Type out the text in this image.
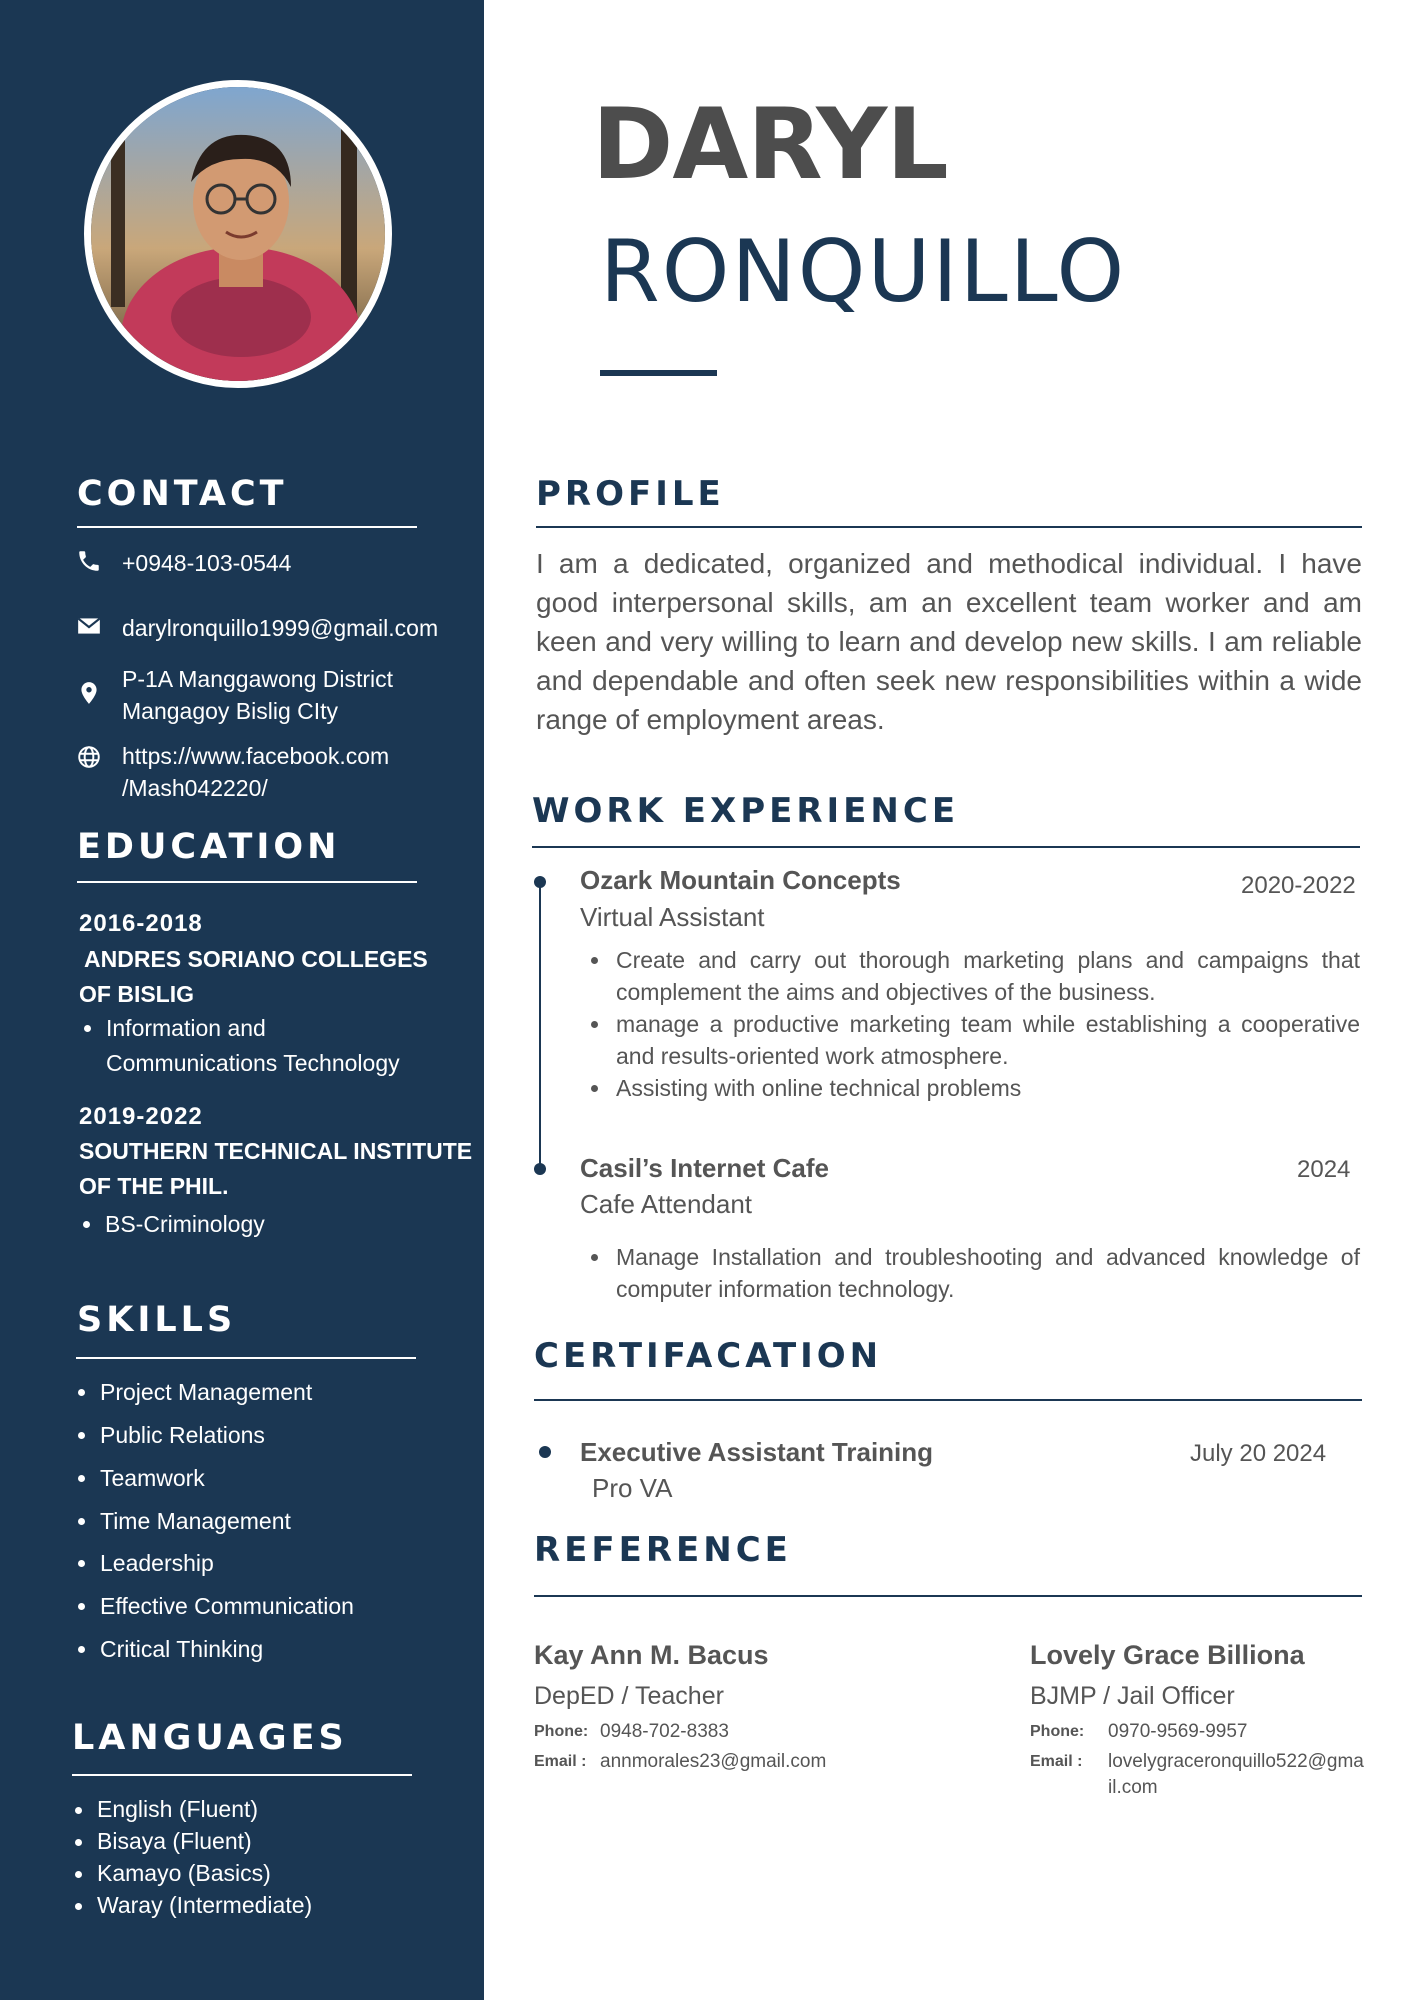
CONTACT
+0948-103-0544
darylronquillo1999@gmail.com
P-1A Manggawong District
Mangagoy Bislig CIty
https://www.facebook.com
/Mash042220/
EDUCATION
2016-2018
ANDRES SORIANO COLLEGES
OF BISLIG
Information and
Communications Technology
2019-2022
SOUTHERN TECHNICAL INSTITUTE
OF THE PHIL.
BS-Criminology
SKILLS
Project Management
Public Relations
Teamwork
Time Management
Leadership
Effective Communication
Critical Thinking
LANGUAGES
English (Fluent)
Bisaya (Fluent)
Kamayo (Basics)
Waray (Intermediate)
DARYL
RONQUILLO
PROFILE
I am a dedicated, organized and methodical individual. I have good interpersonal skills, am an excellent team worker and am keen and very willing to learn and develop new skills. I am reliable and dependable and often seek new responsibilities within a wide range of employment areas.
WORK EXPERIENCE
Ozark Mountain Concepts	2020-2022
Virtual Assistant
Create and carry out thorough marketing plans and campaigns that complement the aims and objectives of the business.
manage a productive marketing team while establishing a cooperative and results-oriented work atmosphere.
Assisting with online technical problems
Casil’s Internet Cafe	2024
Cafe Attendant
Manage Installation and troubleshooting and advanced knowledge of computer information technology.
CERTIFACATION
Executive Assistant Training	July 20 2024
Pro VA
REFERENCE
Kay Ann M. Bacus
DepED / Teacher
Phone: 0948-702-8383
Email : annmorales23@gmail.com
Lovely Grace Billiona
BJMP / Jail Officer
Phone: 0970-9569-9957
Email : lovelygraceronquillo522@gma
il.com
